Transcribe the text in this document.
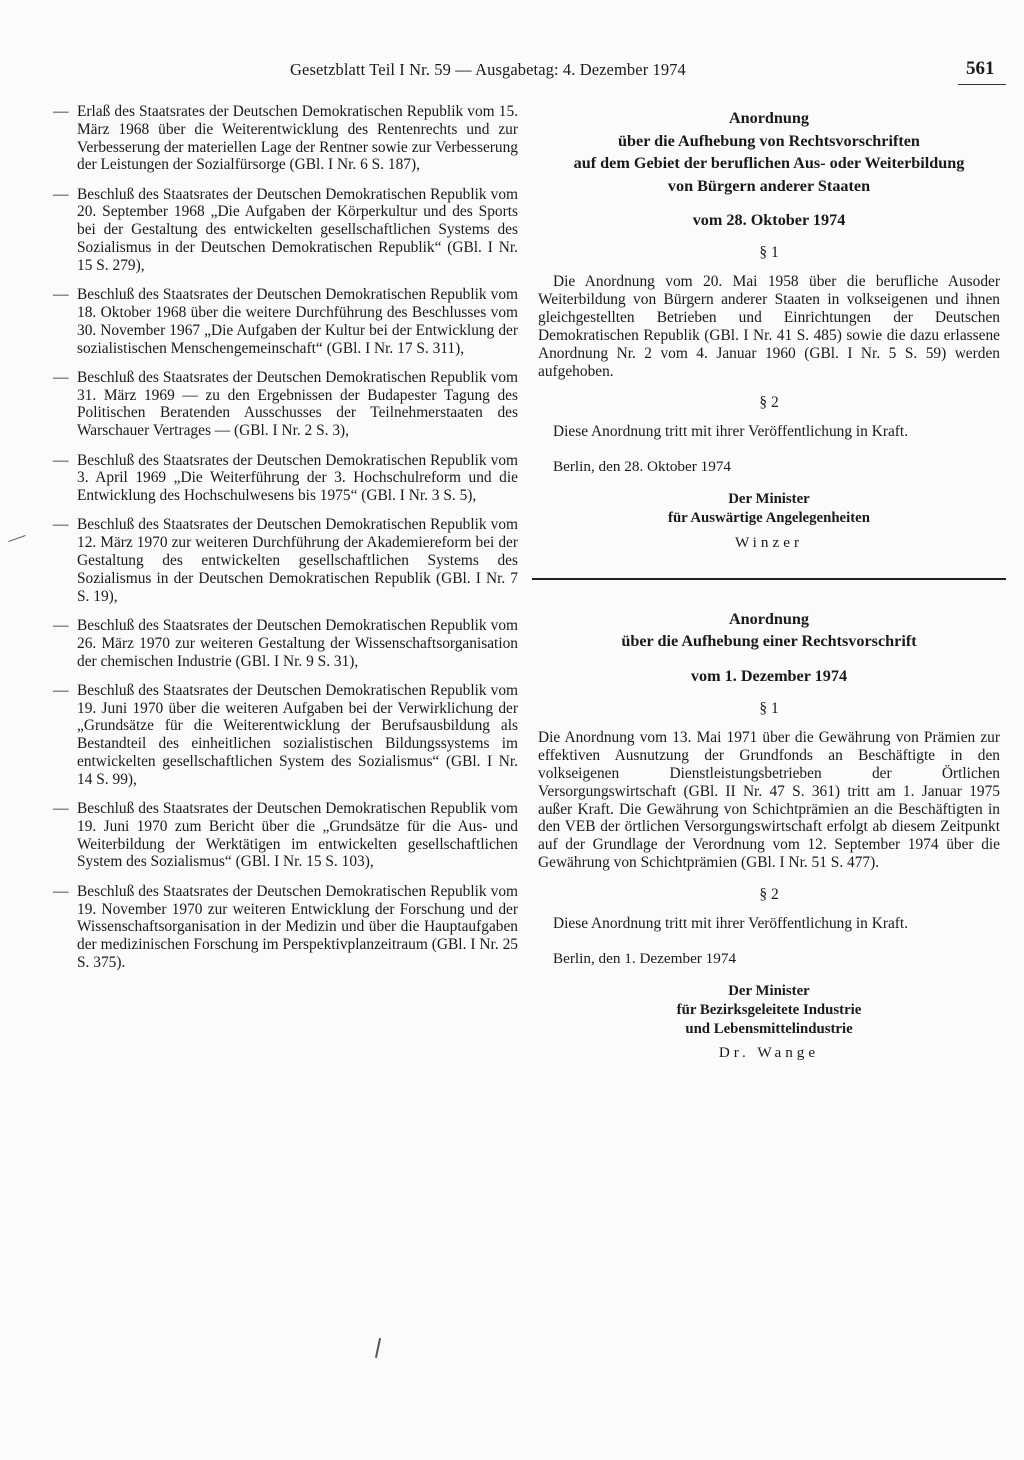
Gesetzblatt Teil I Nr. 59 — Ausgabetag: 4. Dezember 1974	561
— Erlaß des Staatsrates der Deutschen Demokratischen Republik vom 15. März 1968 über die Weiterentwicklung des Rentenrechts und zur Verbesserung der materiellen Lage der Rentner sowie zur Verbesserung der Leistungen der Sozialfürsorge (GBl. I Nr. 6 S. 187),

— Beschluß des Staatsrates der Deutschen Demokratischen Republik vom 20. September 1968 „Die Aufgaben der Körperkultur und des Sports bei der Gestaltung des entwickelten gesellschaftlichen Systems des Sozialismus in der Deutschen Demokratischen Republik“ (GBl. I Nr. 15 S. 279),

— Beschluß des Staatsrates der Deutschen Demokratischen Republik vom 18. Oktober 1968 über die weitere Durchführung des Beschlusses vom 30. November 1967 „Die Aufgaben der Kultur bei der Entwicklung der sozialistischen Menschengemeinschaft“ (GBl. I Nr. 17 S. 311),

— Beschluß des Staatsrates der Deutschen Demokratischen Republik vom 31. März 1969 — zu den Ergebnissen der Budapester Tagung des Politischen Beratenden Ausschusses der Teilnehmerstaaten des Warschauer Vertrages — (GBl. I Nr. 2 S. 3),

— Beschluß des Staatsrates der Deutschen Demokratischen Republik vom 3. April 1969 „Die Weiterführung der 3. Hochschulreform und die Entwicklung des Hochschulwesens bis 1975“ (GBl. I Nr. 3 S. 5),

— Beschluß des Staatsrates der Deutschen Demokratischen Republik vom 12. März 1970 zur weiteren Durchführung der Akademiereform bei der Gestaltung des entwickelten gesellschaftlichen Systems des Sozialismus in der Deutschen Demokratischen Republik (GBl. I Nr. 7 S. 19),

— Beschluß des Staatsrates der Deutschen Demokratischen Republik vom 26. März 1970 zur weiteren Gestaltung der Wissenschaftsorganisation der chemischen Industrie (GBl. I Nr. 9 S. 31),

— Beschluß des Staatsrates der Deutschen Demokratischen Republik vom 19. Juni 1970 über die weiteren Aufgaben bei der Verwirklichung der „Grundsätze für die Weiterentwicklung der Berufsausbildung als Bestandteil des einheitlichen sozialistischen Bildungssystems im entwickelten gesellschaftlichen System des Sozialismus“ (GBl. I Nr. 14 S. 99),

— Beschluß des Staatsrates der Deutschen Demokratischen Republik vom 19. Juni 1970 zum Bericht über die „Grundsätze für die Aus- und Weiterbildung der Werktätigen im entwickelten gesellschaftlichen System des Sozialismus“ (GBl. I Nr. 15 S. 103),

— Beschluß des Staatsrates der Deutschen Demokratischen Republik vom 19. November 1970 zur weiteren Entwicklung der Forschung und der Wissenschaftsorganisation in der Medizin und über die Hauptaufgaben der medizinischen Forschung im Perspektivplanzeitraum (GBl. I Nr. 25 S. 375).

Anordnung
über die Aufhebung von Rechtsvorschriften
auf dem Gebiet der beruflichen Aus- oder Weiterbildung
von Bürgern anderer Staaten
vom 28. Oktober 1974
§ 1

Die Anordnung vom 20. Mai 1958 über die berufliche Ausoder Weiterbildung von Bürgern anderer Staaten in volkseigenen und ihnen gleichgestellten Betrieben und Einrichtungen der Deutschen Demokratischen Republik (GBl. I Nr. 41 S. 485) sowie die dazu erlassene Anordnung Nr. 2 vom 4. Januar 1960 (GBl. I Nr. 5 S. 59) werden aufgehoben.

§ 2

Diese Anordnung tritt mit ihrer Veröffentlichung in Kraft.

Berlin, den 28. Oktober 1974
Der Minister
für Auswärtige Angelegenheiten
Winzer
Anordnung
über die Aufhebung einer Rechtsvorschrift
vom 1. Dezember 1974
§ 1

Die Anordnung vom 13. Mai 1971 über die Gewährung von Prämien zur effektiven Ausnutzung der Grundfonds an Beschäftigte in den volkseigenen Dienstleistungsbetrieben der Örtlichen Versorgungswirtschaft (GBl. II Nr. 47 S. 361) tritt am 1. Januar 1975 außer Kraft. Die Gewährung von Schichtprämien an die Beschäftigten in den VEB der örtlichen Versorgungswirtschaft erfolgt ab diesem Zeitpunkt auf der Grundlage der Verordnung vom 12. September 1974 über die Gewährung von Schichtprämien (GBl. I Nr. 51 S. 477).

§ 2

Diese Anordnung tritt mit ihrer Veröffentlichung in Kraft.

Berlin, den 1. Dezember 1974
Der Minister
für Bezirksgeleitete Industrie
und Lebensmittelindustrie
Dr. Wange
